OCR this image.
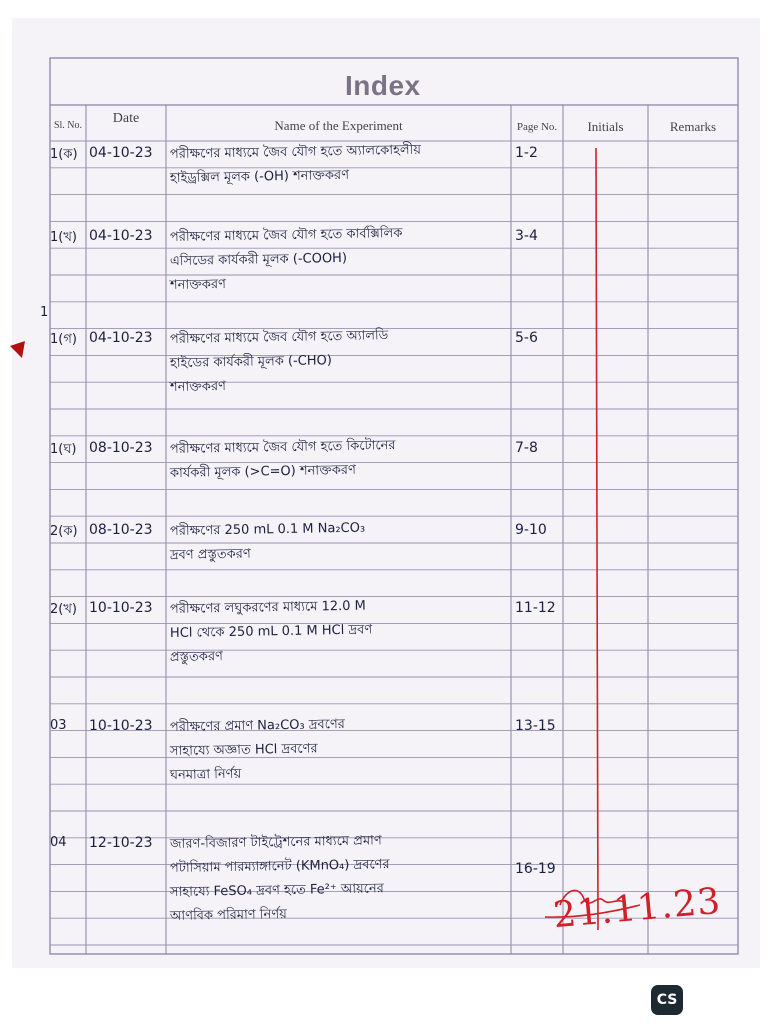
Index
Sl. No.	Date	Name of the Experiment	Page No.	Initials	Remarks
1(ক) 04-10-23 পরীক্ষণের মাধ্যমে জৈব যৌগ হতে অ্যালকোহলীয়
হাইড্রক্সিল মূলক (-OH) শনাক্তকরণ
1-2
1(খ) 04-10-23 পরীক্ষণের মাধ্যমে জৈব যৌগ হতে কার্বক্সিলিক
এসিডের কার্যকরী মূলক (-COOH)
শনাক্তকরণ
3-4
1(গ) 04-10-23 পরীক্ষণের মাধ্যমে জৈব যৌগ হতে অ্যালডি
হাইডের কার্যকরী মূলক (-CHO)
শনাক্তকরণ
5-6
1(ঘ) 08-10-23 পরীক্ষণের মাধ্যমে জৈব যৌগ হতে কিটোনের
কার্যকরী মূলক (>C=O) শনাক্তকরণ
7-8
2(ক) 08-10-23 পরীক্ষণের 250 mL 0.1 M Na₂CO₃
দ্রবণ প্রস্তুতকরণ
9-10
2(খ) 10-10-23 পরীক্ষণের লঘুকরণের মাধ্যমে 12.0 M
HCl থেকে 250 mL 0.1 M HCl দ্রবণ
প্রস্তুতকরণ
11-12
03 10-10-23 পরীক্ষণের প্রমাণ Na₂CO₃ দ্রবণের
সাহায্যে অজ্ঞাত HCl দ্রবণের
ঘনমাত্রা নির্ণয়
13-15
04 12-10-23 জারণ-বিজারণ টাইট্রেশনের মাধ্যমে প্রমাণ
পটাসিয়াম পারম্যাঙ্গানেট (KMnO₄) দ্রবণের
সাহায্যে FeSO₄ দ্রবণ হতে Fe²⁺ আয়নের
আণবিক পরিমাণ নির্ণয়
16-19
1
21.11.23
CS
